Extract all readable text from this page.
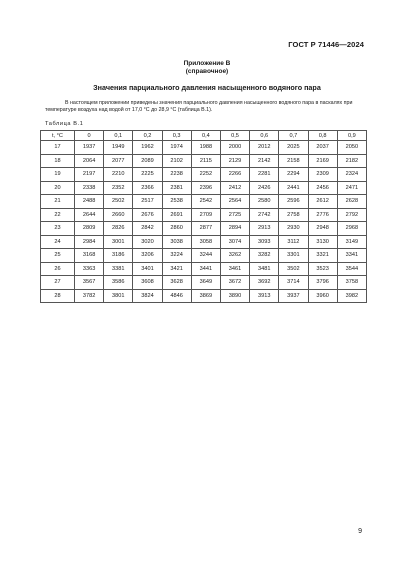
ГОСТ Р 71446—2024
Приложение В
(справочное)
Значения парциального давления насыщенного водяного пара
В настоящем приложении приведены значения парциального давления насыщенного водяного пара в паскалях при температуре воздуха над водой от 17,0 °С до 28,9 °С (таблица В.1).
Таблица В.1
t, °С	0	0,1	0,2	0,3	0,4	0,5	0,6	0,7	0,8	0,9
17	1937	1949	1962	1974	1988	2000	2012	2025	2037	2050
18	2064	2077	2089	2102	2115	2129	2142	2158	2169	2182
19	2197	2210	2225	2238	2252	2266	2281	2294	2309	2324
20	2338	2352	2366	2381	2396	2412	2426	2441	2456	2471
21	2488	2502	2517	2538	2542	2564	2580	2596	2612	2628
22	2644	2660	2676	2691	2709	2725	2742	2758	2776	2792
23	2809	2826	2842	2860	2877	2894	2913	2930	2948	2968
24	2984	3001	3020	3038	3058	3074	3093	3112	3130	3149
25	3168	3186	3206	3224	3244	3262	3282	3301	3321	3341
26	3363	3381	3401	3421	3441	3461	3481	3502	3523	3544
27	3567	3586	3608	3628	3649	3672	3692	3714	3796	3758
28	3782	3801	3824	4846	3869	3890	3913	3937	3960	3982
9
